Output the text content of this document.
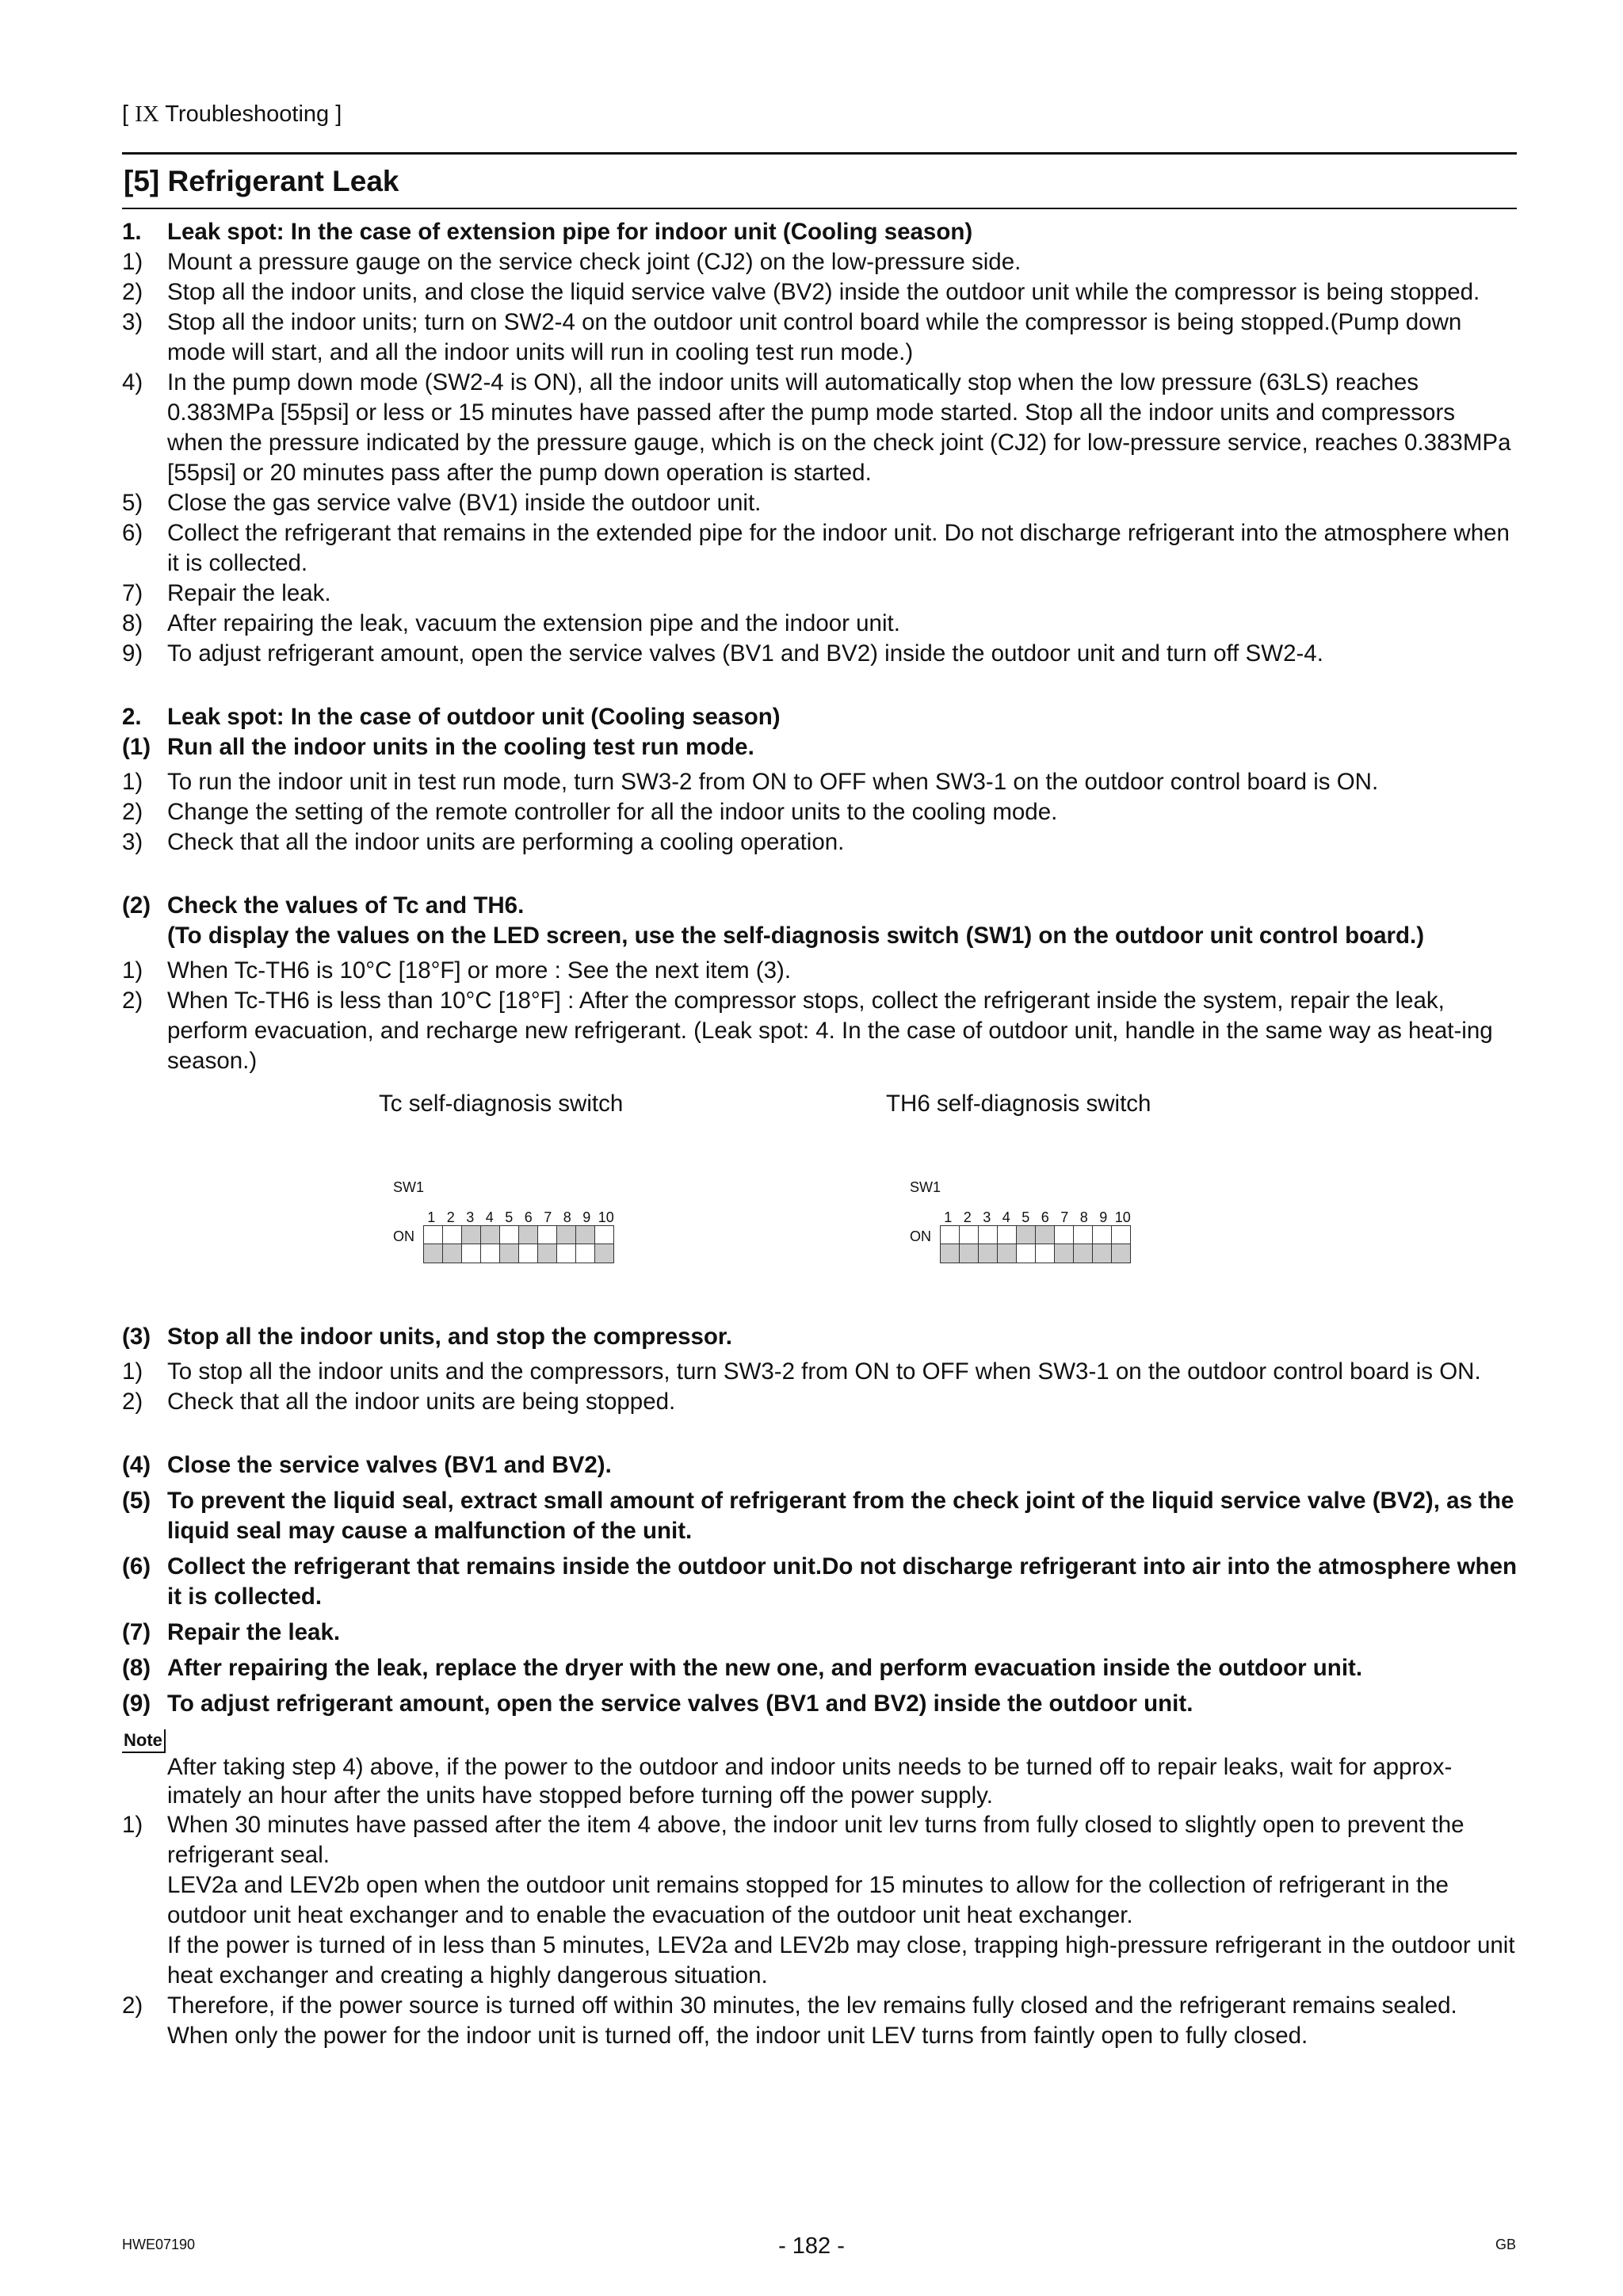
[ IX Troubleshooting ]
[5] Refrigerant Leak
1.	Leak spot: In the case of extension pipe for indoor unit (Cooling season)
1)	Mount a pressure gauge on the service check joint (CJ2) on the low-pressure side.
2)	Stop all the indoor units, and close the liquid service valve (BV2) inside the outdoor unit while the compressor is being stopped.
3)	Stop all the indoor units; turn on SW2-4 on the outdoor unit control board while the compressor is being stopped.(Pump down mode will start, and all the indoor units will run in cooling test run mode.)
4)	In the pump down mode (SW2-4 is ON), all the indoor units will automatically stop when the low pressure (63LS) reaches 0.383MPa [55psi] or less or 15 minutes have passed after the pump mode started. Stop all the indoor units and compressors when the pressure indicated by the pressure gauge, which is on the check joint (CJ2) for low-pressure service, reaches 0.383MPa [55psi] or 20 minutes pass after the pump down operation is started.
5)	Close the gas service valve (BV1) inside the outdoor unit.
6)	Collect the refrigerant that remains in the extended pipe for the indoor unit. Do not discharge refrigerant into the atmosphere when it is collected.
7)	Repair the leak.
8)	After repairing the leak, vacuum the extension pipe and the indoor unit.
9)	To adjust refrigerant amount, open the service valves (BV1 and BV2) inside the outdoor unit and turn off SW2-4.
2.	Leak spot: In the case of outdoor unit (Cooling season)
(1) Run all the indoor units in the cooling test run mode.
1)	To run the indoor unit in test run mode, turn SW3-2 from ON to OFF when SW3-1 on the outdoor control board is ON.
2)	Change the setting of the remote controller for all the indoor units to the cooling mode.
3)	Check that all the indoor units are performing a cooling operation.
(2) Check the values of Tc and TH6.
(To display the values on the LED screen, use the self-diagnosis switch (SW1) on the outdoor unit control board.)
1)	When Tc-TH6 is 10°C [18°F] or more : See the next item (3).
2)	When Tc-TH6 is less than 10°C [18°F] : After the compressor stops, collect the refrigerant inside the system, repair the leak, perform evacuation, and recharge new refrigerant. (Leak spot: 4. In the case of outdoor unit, handle in the same way as heat-ing season.)
Tc self-diagnosis switch	TH6 self-diagnosis switch
SW1
1 2 3 4 5 6 7 8 9 10
ON
SW1
1 2 3 4 5 6 7 8 9 10
ON
(3) Stop all the indoor units, and stop the compressor.
1)	To stop all the indoor units and the compressors, turn SW3-2 from ON to OFF when SW3-1 on the outdoor control board is ON.
2)	Check that all the indoor units are being stopped.
(4) Close the service valves (BV1 and BV2).
(5) To prevent the liquid seal, extract small amount of refrigerant from the check joint of the liquid service valve (BV2), as the liquid seal may cause a malfunction of the unit.
(6) Collect the refrigerant that remains inside the outdoor unit.Do not discharge refrigerant into air into the atmosphere when it is collected.
(7) Repair the leak.
(8) After repairing the leak, replace the dryer with the new one, and perform evacuation inside the outdoor unit.
(9) To adjust refrigerant amount, open the service valves (BV1 and BV2) inside the outdoor unit.
Note
After taking step 4) above, if the power to the outdoor and indoor units needs to be turned off to repair leaks, wait for approx-imately an hour after the units have stopped before turning off the power supply.
1)	When 30 minutes have passed after the item 4 above, the indoor unit lev turns from fully closed to slightly open to prevent the refrigerant seal.
LEV2a and LEV2b open when the outdoor unit remains stopped for 15 minutes to allow for the collection of refrigerant in the outdoor unit heat exchanger and to enable the evacuation of the outdoor unit heat exchanger.
If the power is turned of in less than 5 minutes, LEV2a and LEV2b may close, trapping high-pressure refrigerant in the outdoor unit heat exchanger and creating a highly dangerous situation.
2)	Therefore, if the power source is turned off within 30 minutes, the lev remains fully closed and the refrigerant remains sealed. When only the power for the indoor unit is turned off, the indoor unit LEV turns from faintly open to fully closed.
HWE07190	- 182 -	GB
